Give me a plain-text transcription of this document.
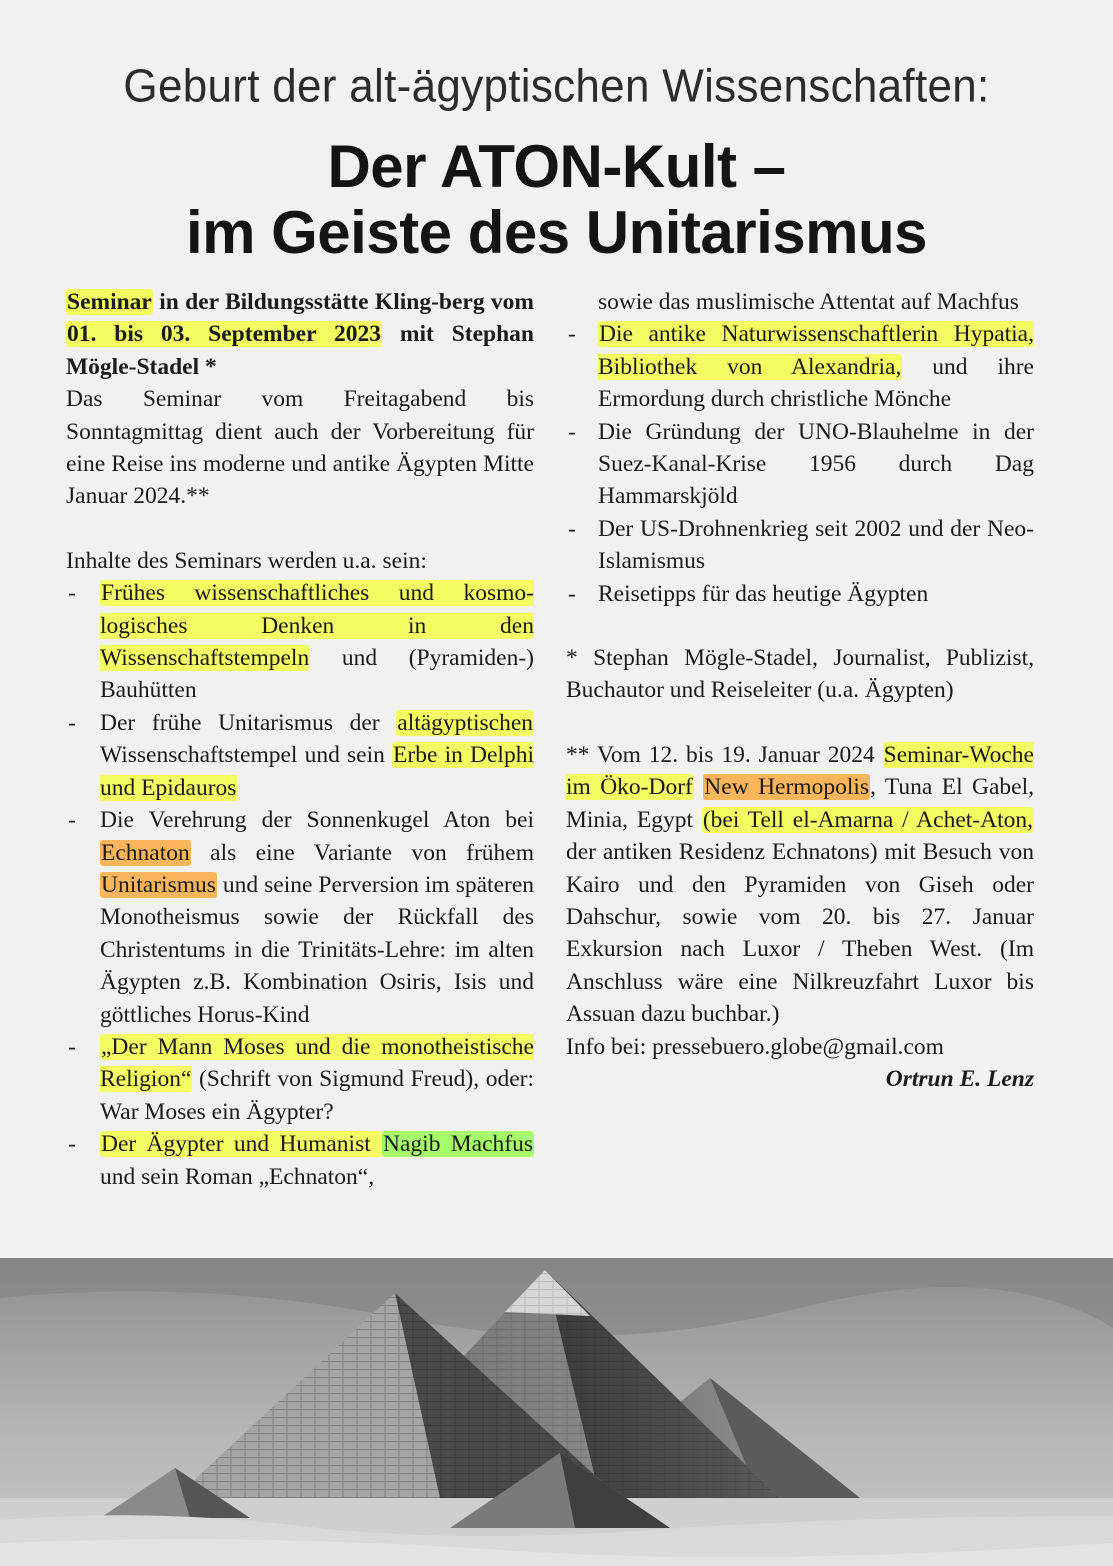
Geburt der alt-ägyptischen Wissenschaften:
Der ATON-Kult –
im Geiste des Unitarismus

Seminar in der Bildungsstätte Kling-berg vom 01. bis 03. September 2023 mit Stephan Mögle-Stadel *

Das Seminar vom Freitagabend bis Sonntagmittag dient auch der Vorbereitung für eine Reise ins moderne und antike Ägypten Mitte Januar 2024.**

Inhalte des Seminars werden u.a. sein:

- Frühes wissenschaftliches und kosmo-logisches Denken in den Wissenschaftstempeln und (Pyramiden-) Bauhütten
- Der frühe Unitarismus der altägyptischen Wissenschaftstempel und sein Erbe in Delphi und Epidauros
- Die Verehrung der Sonnenkugel Aton bei Echnaton als eine Variante von frühem Unitarismus und seine Perversion im späteren Monotheismus sowie der Rückfall des Christentums in die Trinitäts-Lehre: im alten Ägypten z.B. Kombination Osiris, Isis und göttliches Horus-Kind
- „Der Mann Moses und die monotheistische Religion“ (Schrift von Sigmund Freud), oder: War Moses ein Ägypter?
- Der Ägypter und Humanist Nagib Machfus und sein Roman „Echnaton“,
sowie das muslimische Attentat auf Machfus
- Die antike Naturwissenschaftlerin Hypatia, Bibliothek von Alexandria, und ihre Ermordung durch christliche Mönche
- Die Gründung der UNO-Blauhelme in der Suez-Kanal-Krise 1956 durch Dag Hammarskjöld
- Der US-Drohnenkrieg seit 2002 und der Neo-Islamismus
- Reisetipps für das heutige Ägypten

* Stephan Mögle-Stadel, Journalist, Publizist, Buchautor und Reiseleiter (u.a. Ägypten)

** Vom 12. bis 19. Januar 2024 Seminar-Woche im Öko-Dorf New Hermopolis, Tuna El Gabel, Minia, Egypt (bei Tell el-Amarna / Achet-Aton, der antiken Residenz Echnatons) mit Besuch von Kairo und den Pyramiden von Giseh oder Dahschur, sowie vom 20. bis 27. Januar Exkursion nach Luxor / Theben West. (Im Anschluss wäre eine Nilkreuzfahrt Luxor bis Assuan dazu buchbar.)

Info bei: pressebuero.globe@gmail.com

Ortrun E. Lenz
